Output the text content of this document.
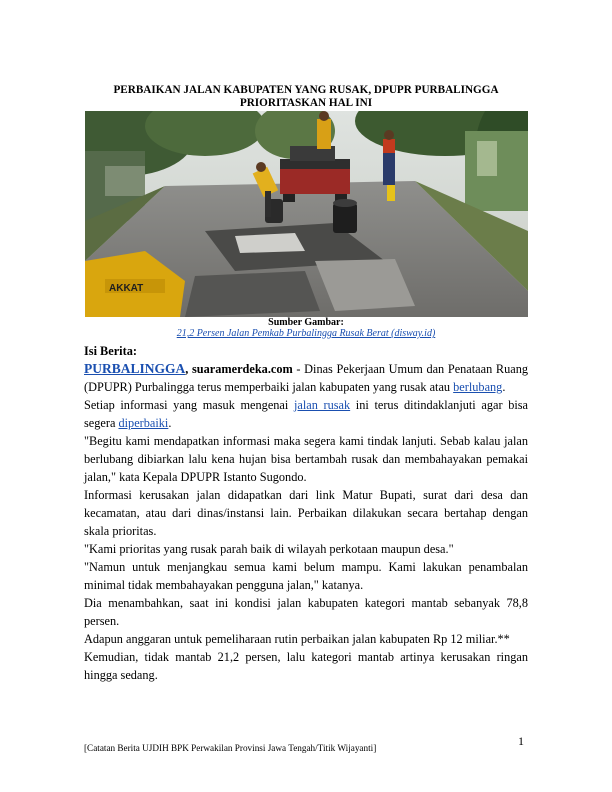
PERBAIKAN JALAN KABUPATEN YANG RUSAK, DPUPR PURBALINGGA PRIORITASKAN HAL INI
AKKAT
Sumber Gambar:
21,2 Persen Jalan Pemkab Purbalingga Rusak Berat (disway.id)

Isi Berita:

PURBALINGGA, suaramerdeka.com - Dinas Pekerjaan Umum dan Penataan Ruang (DPUPR) Purbalingga terus memperbaiki jalan kabupaten yang rusak atau berlubang.

Setiap informasi yang masuk mengenai jalan rusak ini terus ditindaklanjuti agar bisa segera diperbaiki.

"Begitu kami mendapatkan informasi maka segera kami tindak lanjuti. Sebab kalau jalan berlubang dibiarkan lalu kena hujan bisa bertambah rusak dan membahayakan pemakai jalan," kata Kepala DPUPR Istanto Sugondo.

Informasi kerusakan jalan didapatkan dari link Matur Bupati, surat dari desa dan kecamatan, atau dari dinas/instansi lain. Perbaikan dilakukan secara bertahap dengan skala prioritas.

"Kami prioritas yang rusak parah baik di wilayah perkotaan maupun desa."

"Namun untuk menjangkau semua kami belum mampu. Kami lakukan penambalan minimal tidak membahayakan pengguna jalan," katanya.

Dia menambahkan, saat ini kondisi jalan kabupaten kategori mantab sebanyak 78,8 persen.

Adapun anggaran untuk pemeliharaan rutin perbaikan jalan kabupaten Rp 12 miliar.**

Kemudian, tidak mantab 21,2 persen, lalu kategori mantab artinya kerusakan ringan hingga sedang.

1
[Catatan Berita UJDIH BPK Perwakilan Provinsi Jawa Tengah/Titik Wijayanti]
